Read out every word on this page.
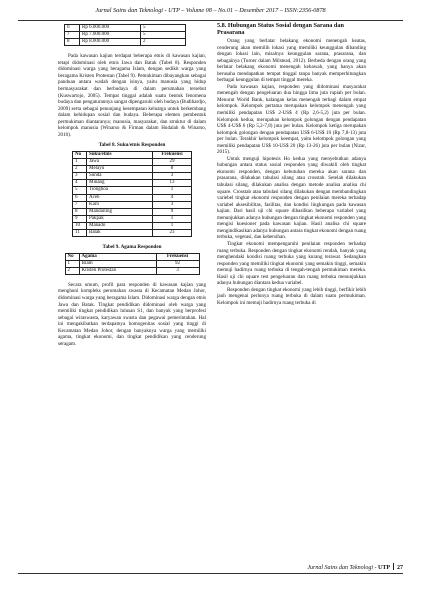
Jurnal Sains dan Teknologi - UTP – Volume 08 – No.01 – Desember 2017 – ISSN:2356-0878
6	Rp 6.000.000	5
7	Rp 7.000.000	5
8	Rp 8.000.000	2

Pada kawasan kajian terdapat beberapa etnis di kawasan kajian, tetapi didominasi oleh etnis Jawa dan Batak (Tabel 8). Responden didominasi warga yang beragama Islam, dengan sedikit warga yang beragama Kristen Protestan (Tabel 9). Pemukiman dibayangkan sebagai panduan antara wadah dengan isinya, yaitu manusia yang hidup bermasyarakat dan berbudaya di dalam perumahan tersebut (Kuswartojo, 2005). Tempat tinggal adalah suatu bentuk fenomena budaya dan pengaturannya sangat dipengaruhi oleh budaya (Budihardjo, 2009) serta sebagai penunjang kesempatan keluarga untuk berkembang dalam kehidupan sosial dan budaya. Beberapa elemen pembentuk permukiman diantaranya; manusia, masyarakat, dan struktur di dalam kelompok manusia (Winarso & Firman dalam Hudalah & Winarso, 2010).

Tabel 8. Suku/etnis Responden
No	Suku/etnis	Frekuensi
1	Jawa	29
2	Melayu	8
3	Sunda	3
4	Minang	13
5	Tionghoa	1
6	Aceh	4
7	Karo	3
8	Mandailing	9
9	Pakpak	1
10	Manado	1
11	Batak	23
Tabel 9. Agama Responden
No	Agama	Frekuensi
1	Islam	92
2	Kristen Protestan	3

Secara umum, profil para responden di kawasan kajian yang menghuni kompleks perumahan swasta di Kecamatan Medan Johor, didominasi warga yang beragama Islam. Didominasi warga dengan etnis Jawa dan Batak. Tingkat pendidikan didominasi oleh warga yang memiliki tingkat pendidikan lulusan S1, dan banyak yang berprofesi sebagai wiraswasta, karyawan swasta dan pegawai pemerintahan. Hal ini mengakibatkan terdapatnya homogenitas sosial yang tinggi di Kecamatan Medan Johor, dengan banyaknya warga yang memiliki agama, tingkat ekonomi, dan tingkat pendidikan yang cenderung seragam.

5.8. Hubungan Status Sosial dengan Sarana dan Prasarana

Orang yang berlatar belakang ekonomi menengah keatas, cenderung akan memilih lokasi yang memiliki keunggulan dibanding dengan lokasi lain, misalnya keunggulan sarana, prasarana, dan sebagainya (Turner dalam Milstead, 2012). Berbeda dengan orang yang berlatar belakang ekonomi menengah kebawah, yang hanya akan berusaha mendapatkan tempat tinggal tanpa banyak memperhitungkan berbagai keunggulan di tempat tinggal mereka.

Pada kawasan kajian, responden yang didominasi masyarakat menengah dengan pengeluaran dua hingga lima juta rupiah per bulan. Menurut World Bank, kalangan kelas menengah terbagi dalam empat kelompok. Kelompok pertama merupakan kelompok menengah yang memiliki pendapatan US$ 2-US$ 4 (Rp 2,6-5,2) juta per bulan. Kelompok kedua, merupakan kelompok golongan dengan pendapatan US$ 4-US$ 6 (Rp 5,2-7,8) juta per bulan. Kelompok ketiga merupakan kelompok golongan dengan pendapatan US$ 6-US$ 10 (Rp 7,8-13) juta per bulan. Terakhir kelompok keempat, yaitu kelompok golongan yang memiliki pendapatan US$ 10-US$ 20 (Rp 13-26) juta per bulan (Nizar, 2015).

Untuk menguji hipotesis Ho kedua yang menyebutkan adanya hubungan antara status sosial responden yang diwakili oleh tingkat ekonomi responden, dengan kebutuhan mereka akan sarana dan prasarana, dilakukan tabulasi silang atau crosstab. Setelah dilakukan tabulasi silang, dilakukan analisa dengan metode analisa analisa chi square. Crosstab atau tabulasi silang dilakukan dengan membandingkan variebel tingkat ekonomi responden dengan penilaian mereka terhadap variabel aksesibilitas, fasilitas, dan kondisi lingkungan pada kawasan kajian. Dari hasil uji chi square dihasilkan beberapa variabel yang menunjukkan adanya hubungan dengan tingkat ekonomi responden yang mengisi kuesioner pada kawasan kajian. Hasil analisa chi square mengindikasikan adanya hubungan antara tingkat ekonomi dengan ruang terbuka, vegetasi, dan kebersihan.

Tingkat ekonomi mempengaruhi penilaian responden terhadap ruang terbuka. Responden dengan tingkat ekonomi rendah, banyak yang menghendaki kondisi ruang terbuka yang kurang terawat. Sedangkan responden yang memiliki tingkat ekonomi yang semakin tinggi, semakin memuji hadirnya ruang terbuka di tengah-tengah permukiman mereka. Hasil uji chi square test pengeluaran dan ruang terbuka menunjukkan adanya hubungan diantara kedua variabel.

Responden dengan tingkat ekonomi yang lebih tinggi, berfikir lebih jauh mengenai perlunya ruang terbuka di dalam suatu permukiman. Kelompok ini memuji hadirnya ruang terbuka di

Jurnal Sains dan Teknologi - UTP 27
